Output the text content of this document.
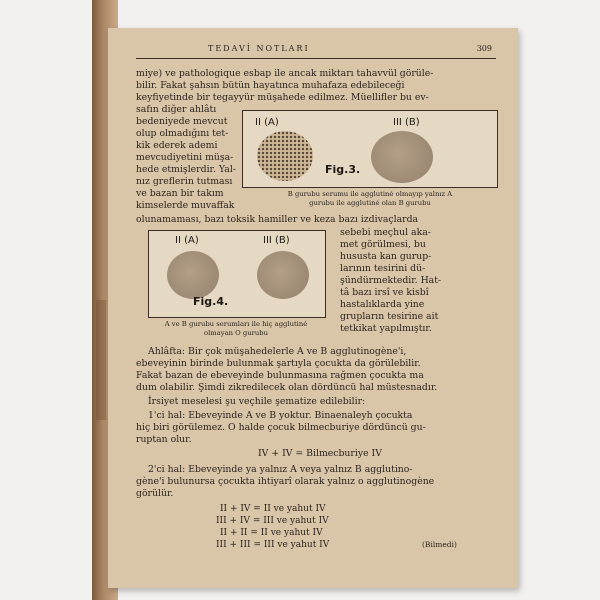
TEDAVİ NOTLARI	309
miye) ve pathologique esbap ile ancak miktarı tahavvül görüle-
bilir. Fakat şahsın bütün hayatınca muhafaza edebileceği
keyfiyetinde bir tegayyür müşahede edilmez. Müellifler bu ev-
safın diğer ahlâtı
bedeniyede mevcut
olup olmadığını tet-
kik ederek ademi
mevcudiyetini müşa-
hede etmişlerdir. Yal-
nız greflerin tutması
ve bazan bir takım
kimselerde muvaffak
II (A)	III (B)
Fig.3.
B gurubu serumu ile agglutiné olmayıp yalnız A
gurubu ile agglutiné olan B gurubu
olunamaması, bazı toksik hamiller ve keza bazı izdivaçlarda
II (A)	III (B)
Fig.4.
A ve B gurubu serumları ile hiç agglutiné
olmayan O gurubu
sebebi meçhul aka-
met görülmesi, bu
hususta kan gurup-
larının tesirini dü-
şündürmektedir. Hat-
tâ bazı irsî ve kisbî
hastalıklarda yine
grupların tesirine ait
tetkikat yapılmıştır.
Ahlâfta: Bir çok müşahedelerle A ve B agglutinogène'i,
ebeveyinin birinde bulunmak şartıyla çocukta da görülebilir.
Fakat bazan de ebeveyinde bulunmasına rağmen çocukta ma
dum olabilir. Şimdi zikredilecek olan dördüncü hal müstesnadır.
İrsiyet meselesi şu veçhile şematize edilebilir:
1'ci hal: Ebeveyinde A ve B yoktur. Binaenaleyh çocukta
hiç biri görülemez. O halde çocuk bilmecburiye dördüncü gu-
ruptan olur.
IV + IV = Bilmecburiye IV
2'ci hal: Ebeveyinde ya yalnız A veya yalnız B agglutino-
gène'i bulunursa çocukta ihtiyarî olarak yalnız o agglutinogène
görülür.
II + IV = II ve yahut IV
III + IV = III ve yahut IV
II + II = II ve yahut IV
III + III = III ve yahut IV	(Bilmedi)
